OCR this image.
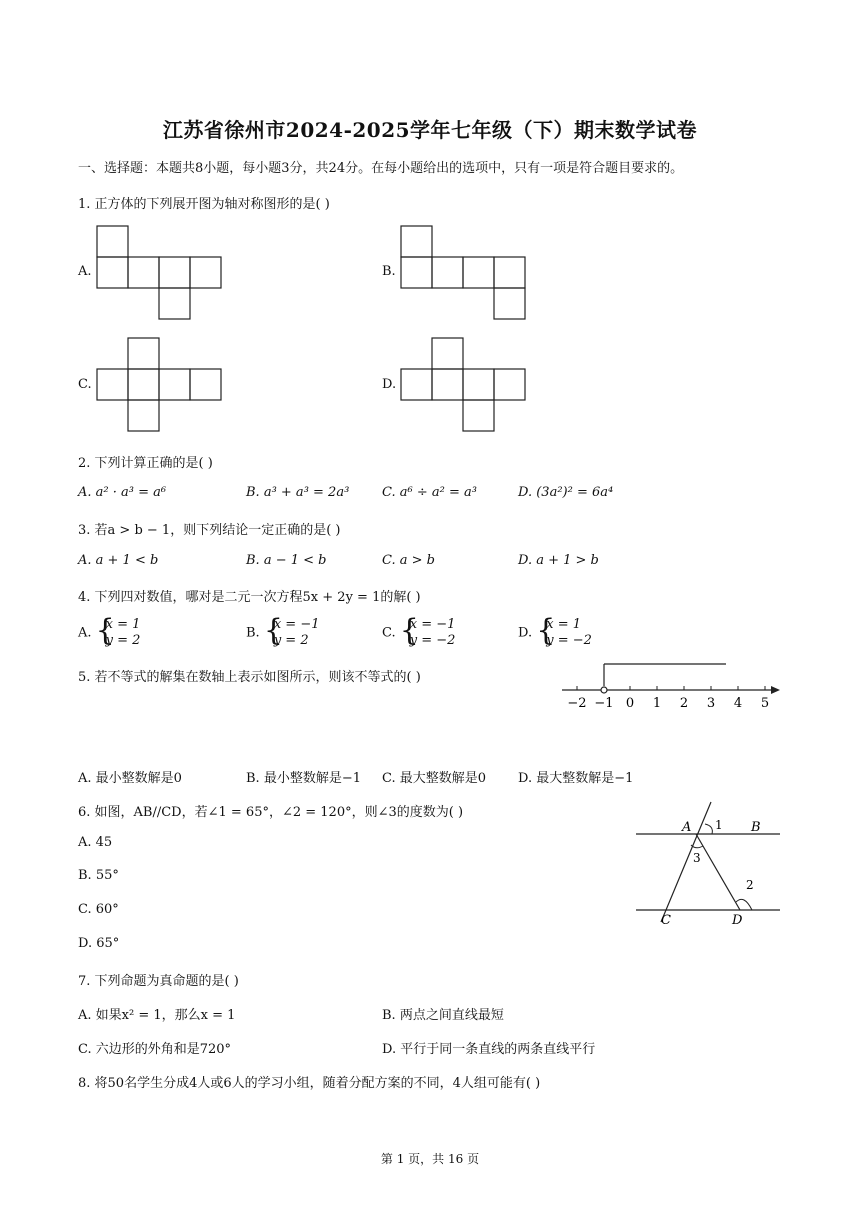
江苏省徐州市2024-2025学年七年级（下）期末数学试卷
一、选择题：本题共8小题，每小题3分，共24分。在每小题给出的选项中，只有一项是符合题目要求的。
1. 正方体的下列展开图为轴对称图形的是( )
A.	B.
C.	D.
2. 下列计算正确的是( )
A. a² · a³ = a⁶	B. a³ + a³ = 2a³	C. a⁶ ÷ a² = a³	D. (3a²)² = 6a⁴
3. 若a > b − 1，则下列结论一定正确的是( )
A. a + 1 < b	B. a − 1 < b	C. a > b	D. a + 1 > b
4. 下列四对数值，哪对是二元一次方程5x + 2y = 1的解( )
A. {
x = 1
y = 2	B. {
x = −1
y = 2	C. {
x = −1
y = −2	D. {
x = 1
y = −2
5. 若不等式的解集在数轴上表示如图所示，则该不等式的( )
−2 −1 0 1 2 3 4 5
A. 最小整数解是0	B. 最小整数解是−1 C. 最大整数解是0 D. 最大整数解是−1
6. 如图，AB//CD，若∠1 = 65°，∠2 = 120°，则∠3的度数为( )
A. 45
B. 55°
C. 60°
D. 65°
A	B
C	D
1
2
3
7. 下列命题为真命题的是( )
A. 如果x² = 1，那么x = 1	B. 两点之间直线最短
C. 六边形的外角和是720°	D. 平行于同一条直线的两条直线平行
8. 将50名学生分成4人或6人的学习小组，随着分配方案的不同，4人组可能有( )
第 1 页，共 16 页
